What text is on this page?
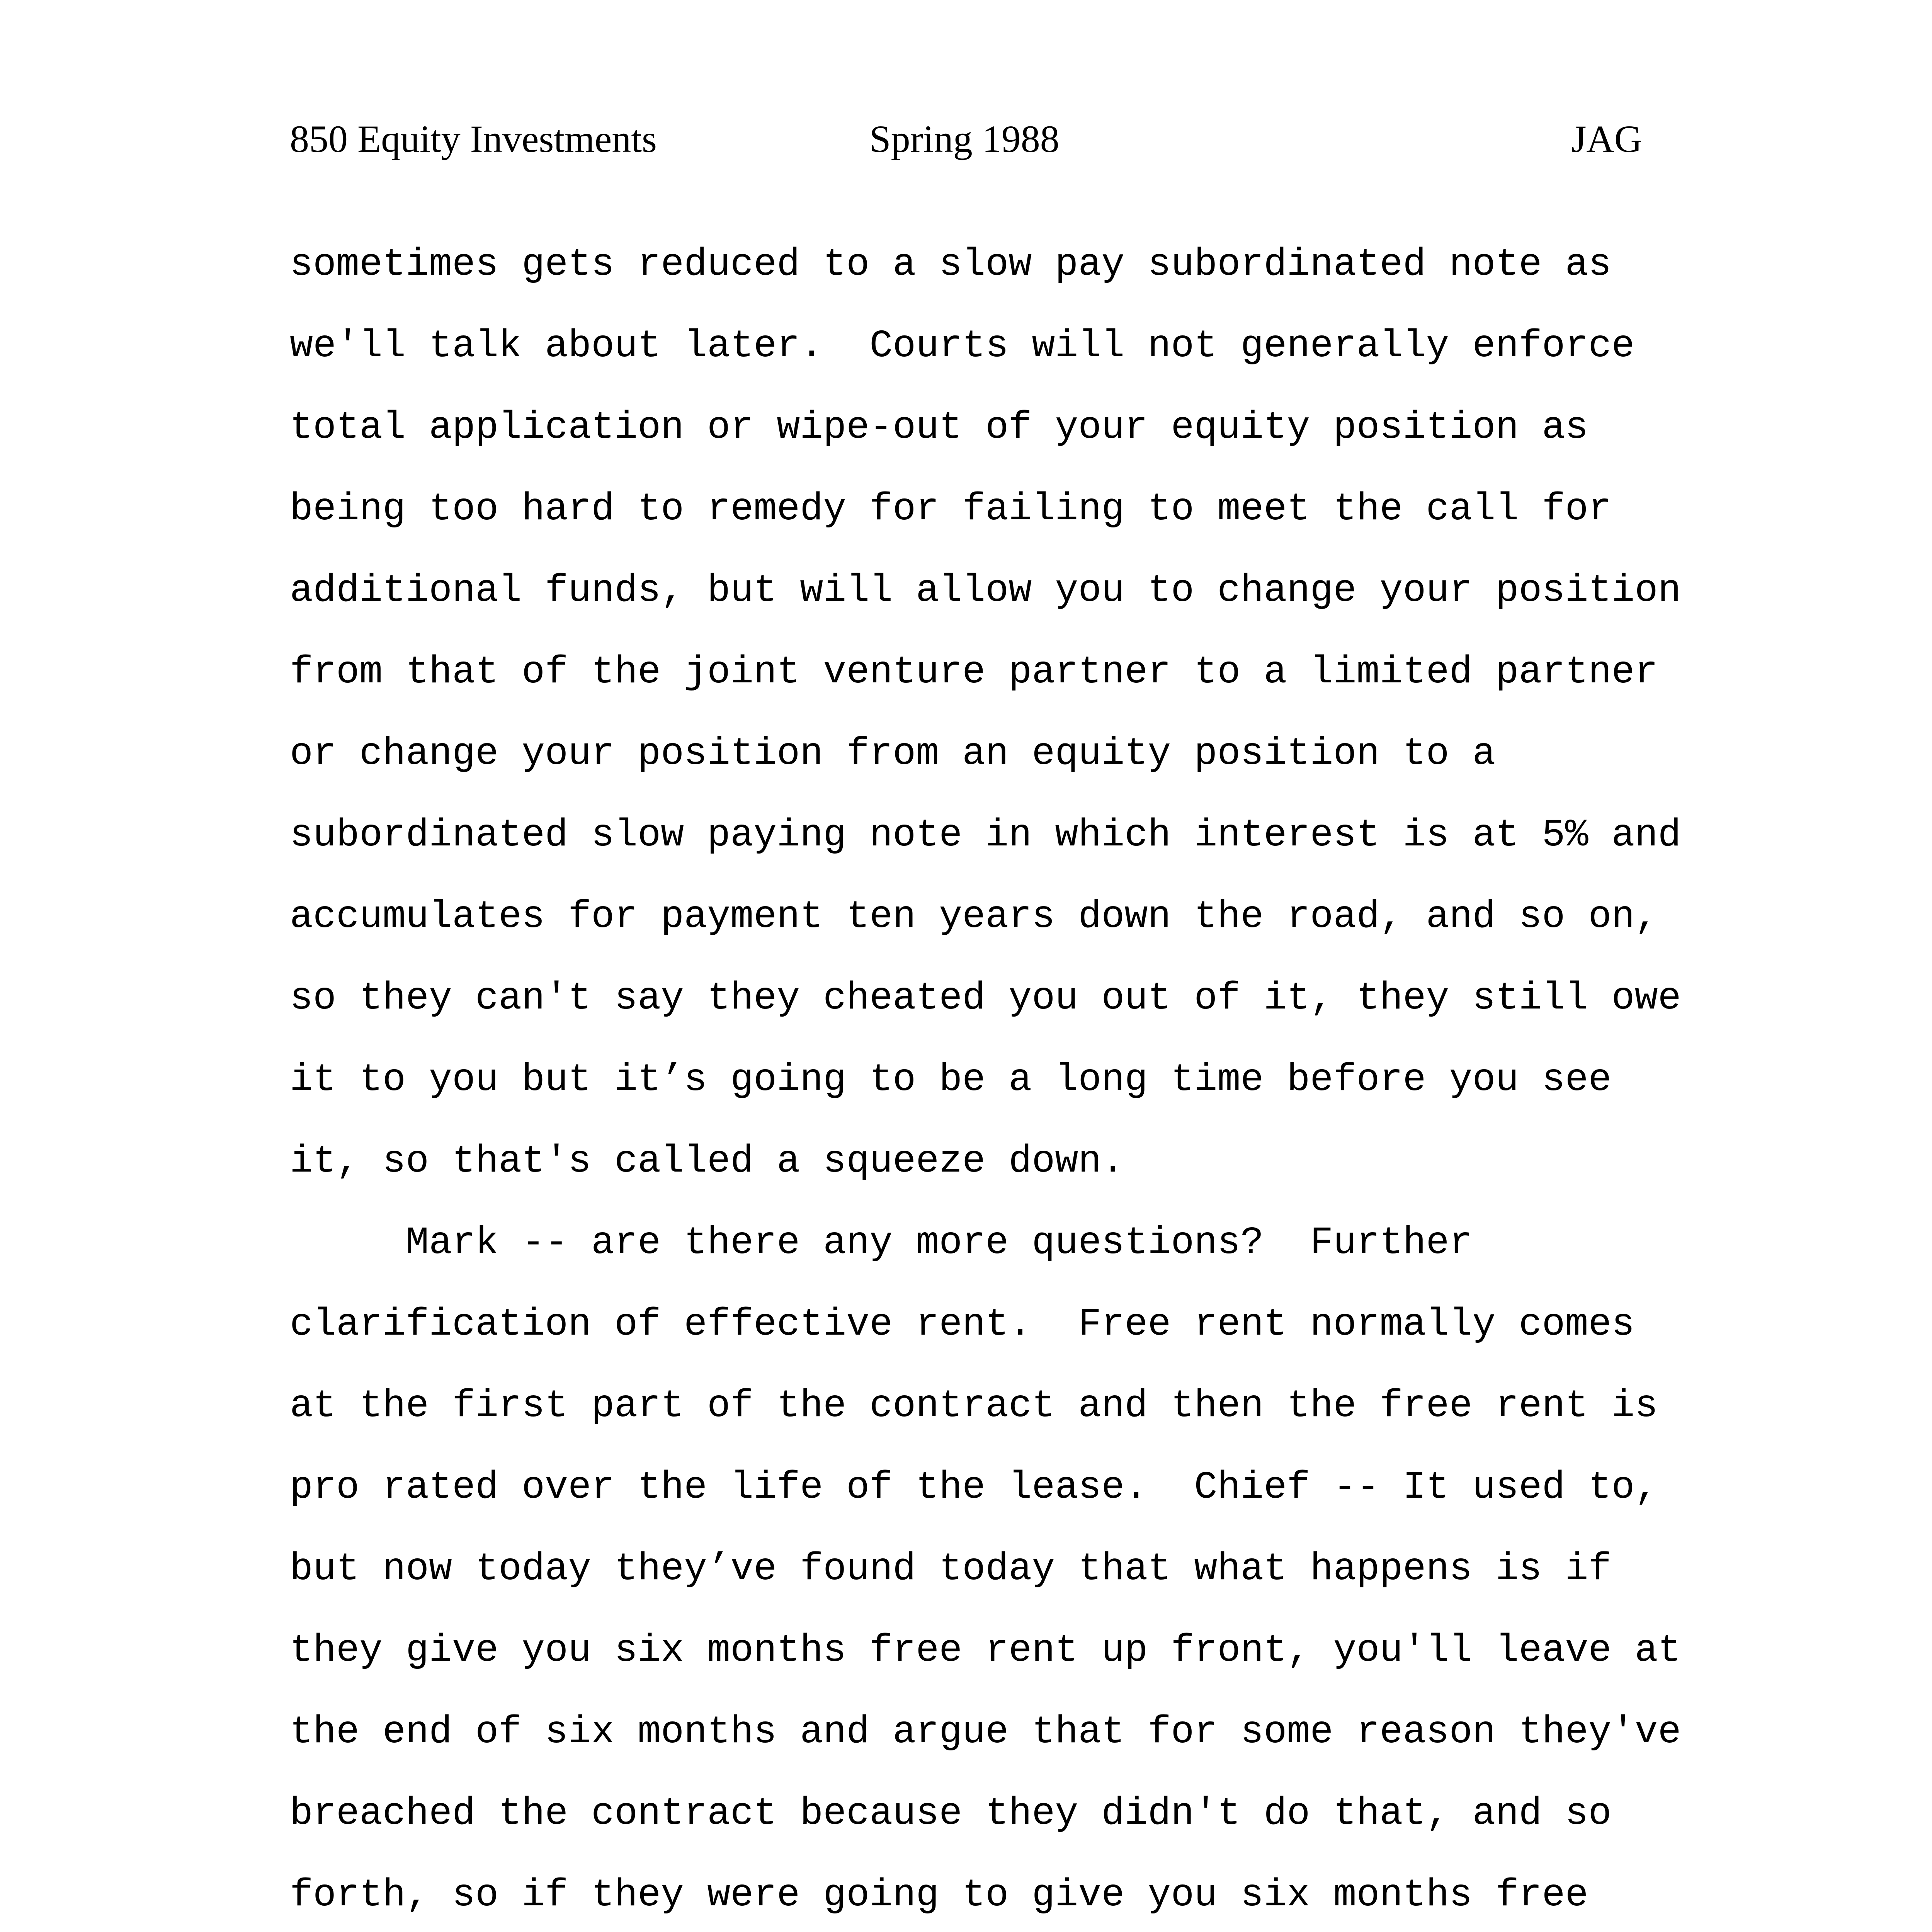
850 Equity Investments	Spring 1988	JAG
sometimes gets reduced to a slow pay subordinated note as
we'll talk about later.  Courts will not generally enforce
total application or wipe-out of your equity position as
being too hard to remedy for failing to meet the call for
additional funds, but will allow you to change your position
from that of the joint venture partner to a limited partner
or change your position from an equity position to a
subordinated slow paying note in which interest is at 5% and
accumulates for payment ten years down the road, and so on,
so they can't say they cheated you out of it, they still owe
it to you but it’s going to be a long time before you see
it, so that's called a squeeze down.
Mark -- are there any more questions?  Further
clarification of effective rent.  Free rent normally comes
at the first part of the contract and then the free rent is
pro rated over the life of the lease.  Chief -- It used to,
but now today they’ve found today that what happens is if
they give you six months free rent up front, you'll leave at
the end of six months and argue that for some reason they've
breached the contract because they didn't do that, and so
forth, so if they were going to give you six months free
